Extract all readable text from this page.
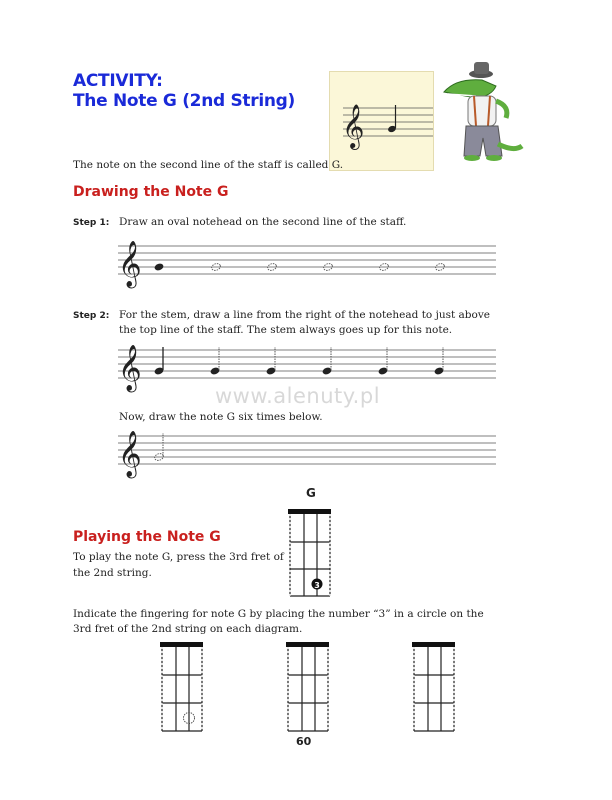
ACTIVITY:
The Note G (2nd String)
𝄞
The note on the second line of the staff is called G.
Drawing the Note G
Step 1: Draw an oval notehead on the second line of the staff.
𝄞
Step 2: For the stem, draw a line from the right of the notehead to just above
the top line of the staff. The stem always goes up for this note.
𝄞
www.alenuty.pl
Now, draw the note G six times below.
𝄞
Playing the Note G
To play the note G, press the 3rd fret of
the 2nd string.
G
3
Indicate the fingering for note G by placing the number “3” in a circle on the
3rd fret of the 2nd string on each diagram.
60
